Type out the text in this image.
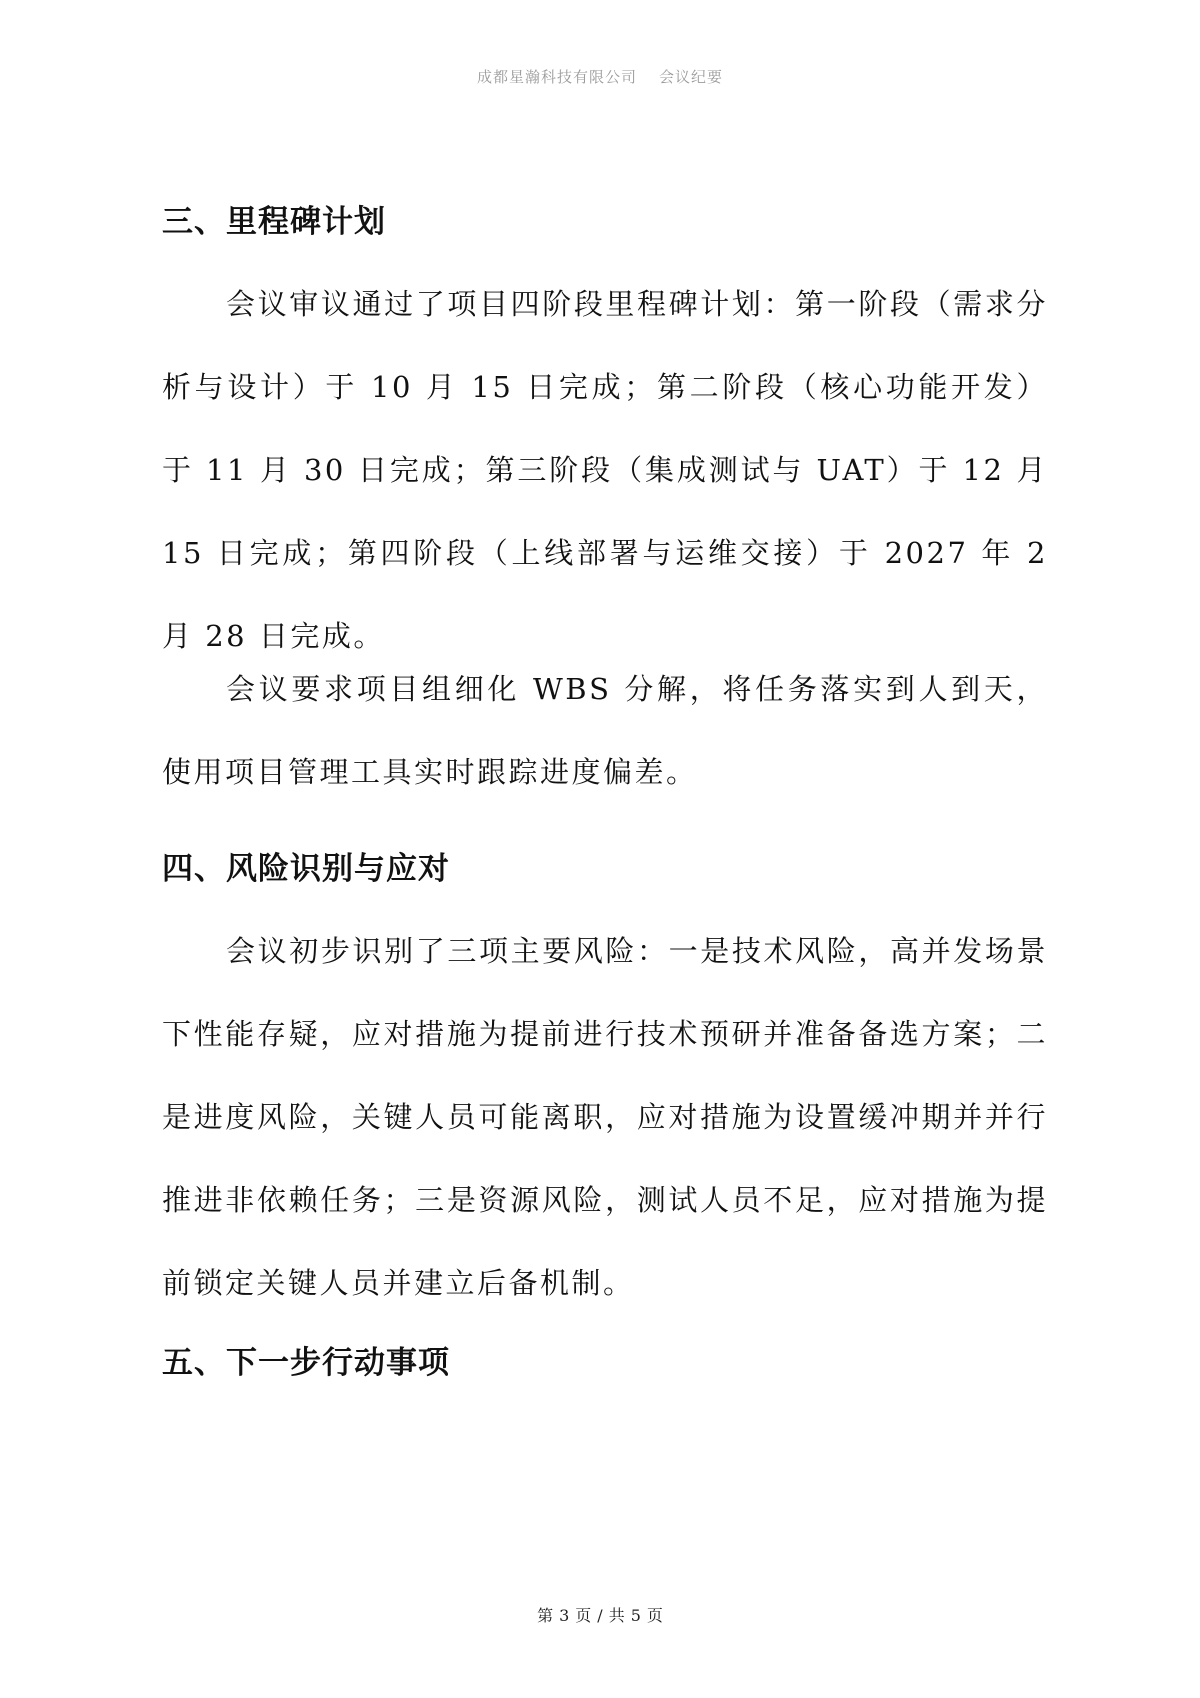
成都星瀚科技有限公司 会议纪要
三、里程碑计划

会议审议通过了项目四阶段里程碑计划：第一阶段（需求分析与设计）于 10 月 15 日完成；第二阶段（核心功能开发）于 11 月 30 日完成；第三阶段（集成测试与 UAT）于 12 月 15 日完成；第四阶段（上线部署与运维交接）于 2027 年 2 月 28 日完成。

会议要求项目组细化 WBS 分解，将任务落实到人到天，使用项目管理工具实时跟踪进度偏差。

四、风险识别与应对

会议初步识别了三项主要风险：一是技术风险，高并发场景下性能存疑，应对措施为提前进行技术预研并准备备选方案；二是进度风险，关键人员可能离职，应对措施为设置缓冲期并并行推进非依赖任务；三是资源风险，测试人员不足，应对措施为提前锁定关键人员并建立后备机制。

五、下一步行动事项
第 3 页 / 共 5 页
